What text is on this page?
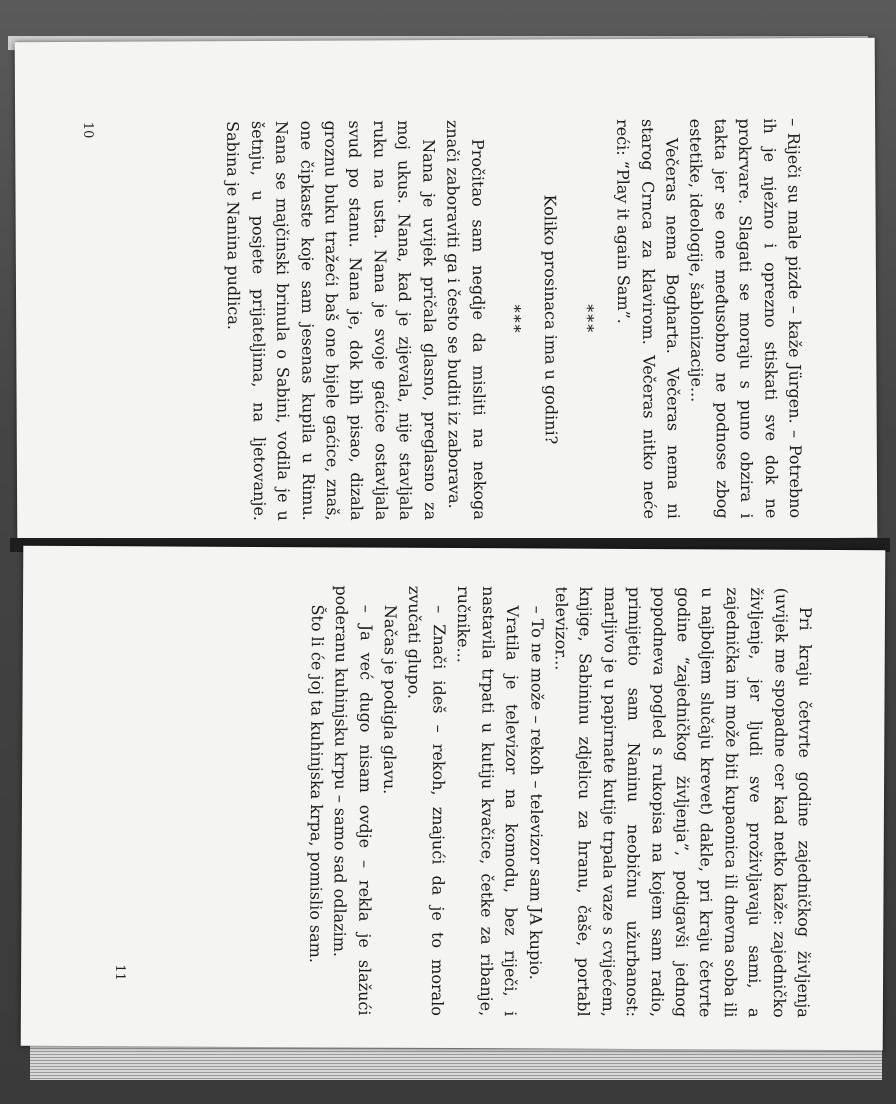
– Riječi su male pizde – kaže Jürgen. – Potrebno ih je nježno i oprezno stiskati sve dok ne prokrvare. Slagati se moraju s puno obzira i takta jer se one međusobno ne podnose zbog estetike, ideologije, šablonizacije...

Večeras nema Bogharta. Večeras nema ni starog Crnca za klavirom. Večeras nitko neće reći: “Play it again Sam”.

***

Koliko prosinaca ima u godini?

***

Pročitao sam negdje da misliti na nekoga znači zaboraviti ga i često se buditi iz zaborava.

Nana je uvijek pričala glasno, preglasno za moj ukus. Nana, kad je zijevala, nije stavljala ruku na usta. Nana je svoje gaćice ostavljala svud po stanu. Nana je, dok bih pisao, dizala groznu buku tražeći baš one bijele gaćice, znaš, one čipkaste koje sam jesenas kupila u Rimu. Nana se majčinski brinula o Sabini, vodila je u šetnju, u posjete prijateljima, na ljetovanje. Sabina je Nanina pudlica.

10

Pri kraju četvrte godine zajedničkog življenja (uvijek me spopadne cer kad netko kaže: zajedničko življenje, jer ljudi sve proživljavaju sami, a zajednička im može biti kupaonica ili dnevna soba ili u najboljem slučaju krevet) dakle, pri kraju četvrte godine “zajedničkog življenja”, podigavši jednog popodneva pogled s rukopisa na kojem sam radio, primijetio sam Naninu neobičnu užurbanost: marljivo je u papirnate kutije trpala vaze s cvijećem, knjige, Sabininu zdjelicu za hranu, čaše, portabl televizor...

– To ne može – rekoh – televizor sam JA kupio.

Vratila je televizor na komodu, bez riječi, i nastavila trpati u kutiju kvačice, četke za ribanje, ručnike...

– Znači ideš – rekoh, znajući da je to moralo zvučati glupo.

Načas je podigla glavu.

– Ja već dugo nisam ovdje – rekla je slažući poderanu kuhinjsku krpu – samo sad odlazim.

Što li će joj ta kuhinjska krpa, pomislio sam.

11
